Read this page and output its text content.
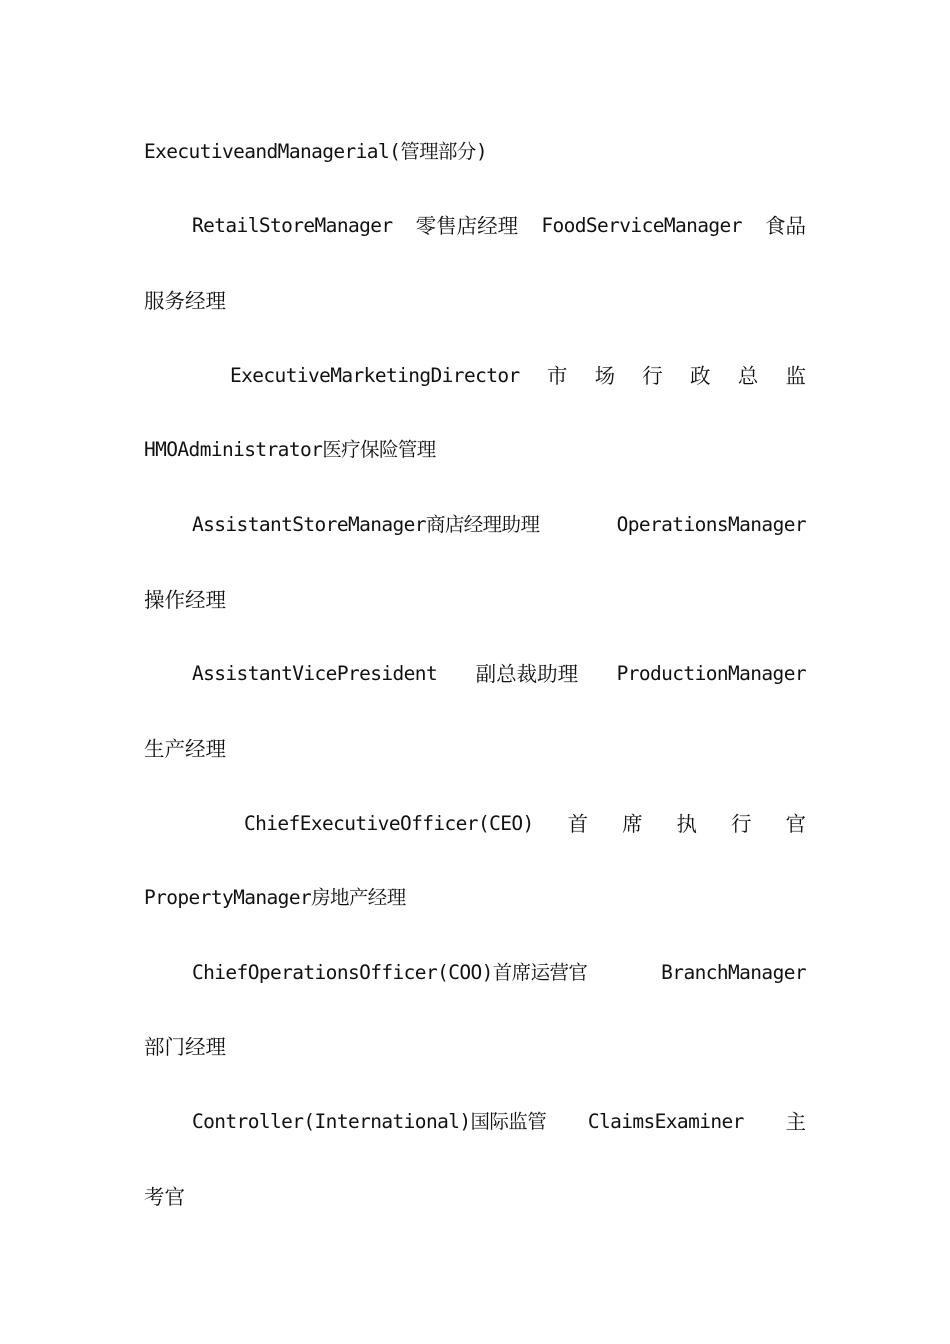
ExecutiveandManagerial(管理部分)
RetailStoreManager 零售店经理 FoodServiceManager 食品
服务经理
ExecutiveMarketingDirector 市 场 行 政 总 监
HMOAdministrator医疗保险管理
AssistantStoreManager商店经理助理	OperationsManager
操作经理
AssistantVicePresident 副总裁助理 ProductionManager
生产经理
ChiefExecutiveOfficer(CEO) 首 席 执 行 官
PropertyManager房地产经理
ChiefOperationsOfficer(COO)首席运营官	BranchManager
部门经理
Controller(International)国际监管 ClaimsExaminer 主
考官
